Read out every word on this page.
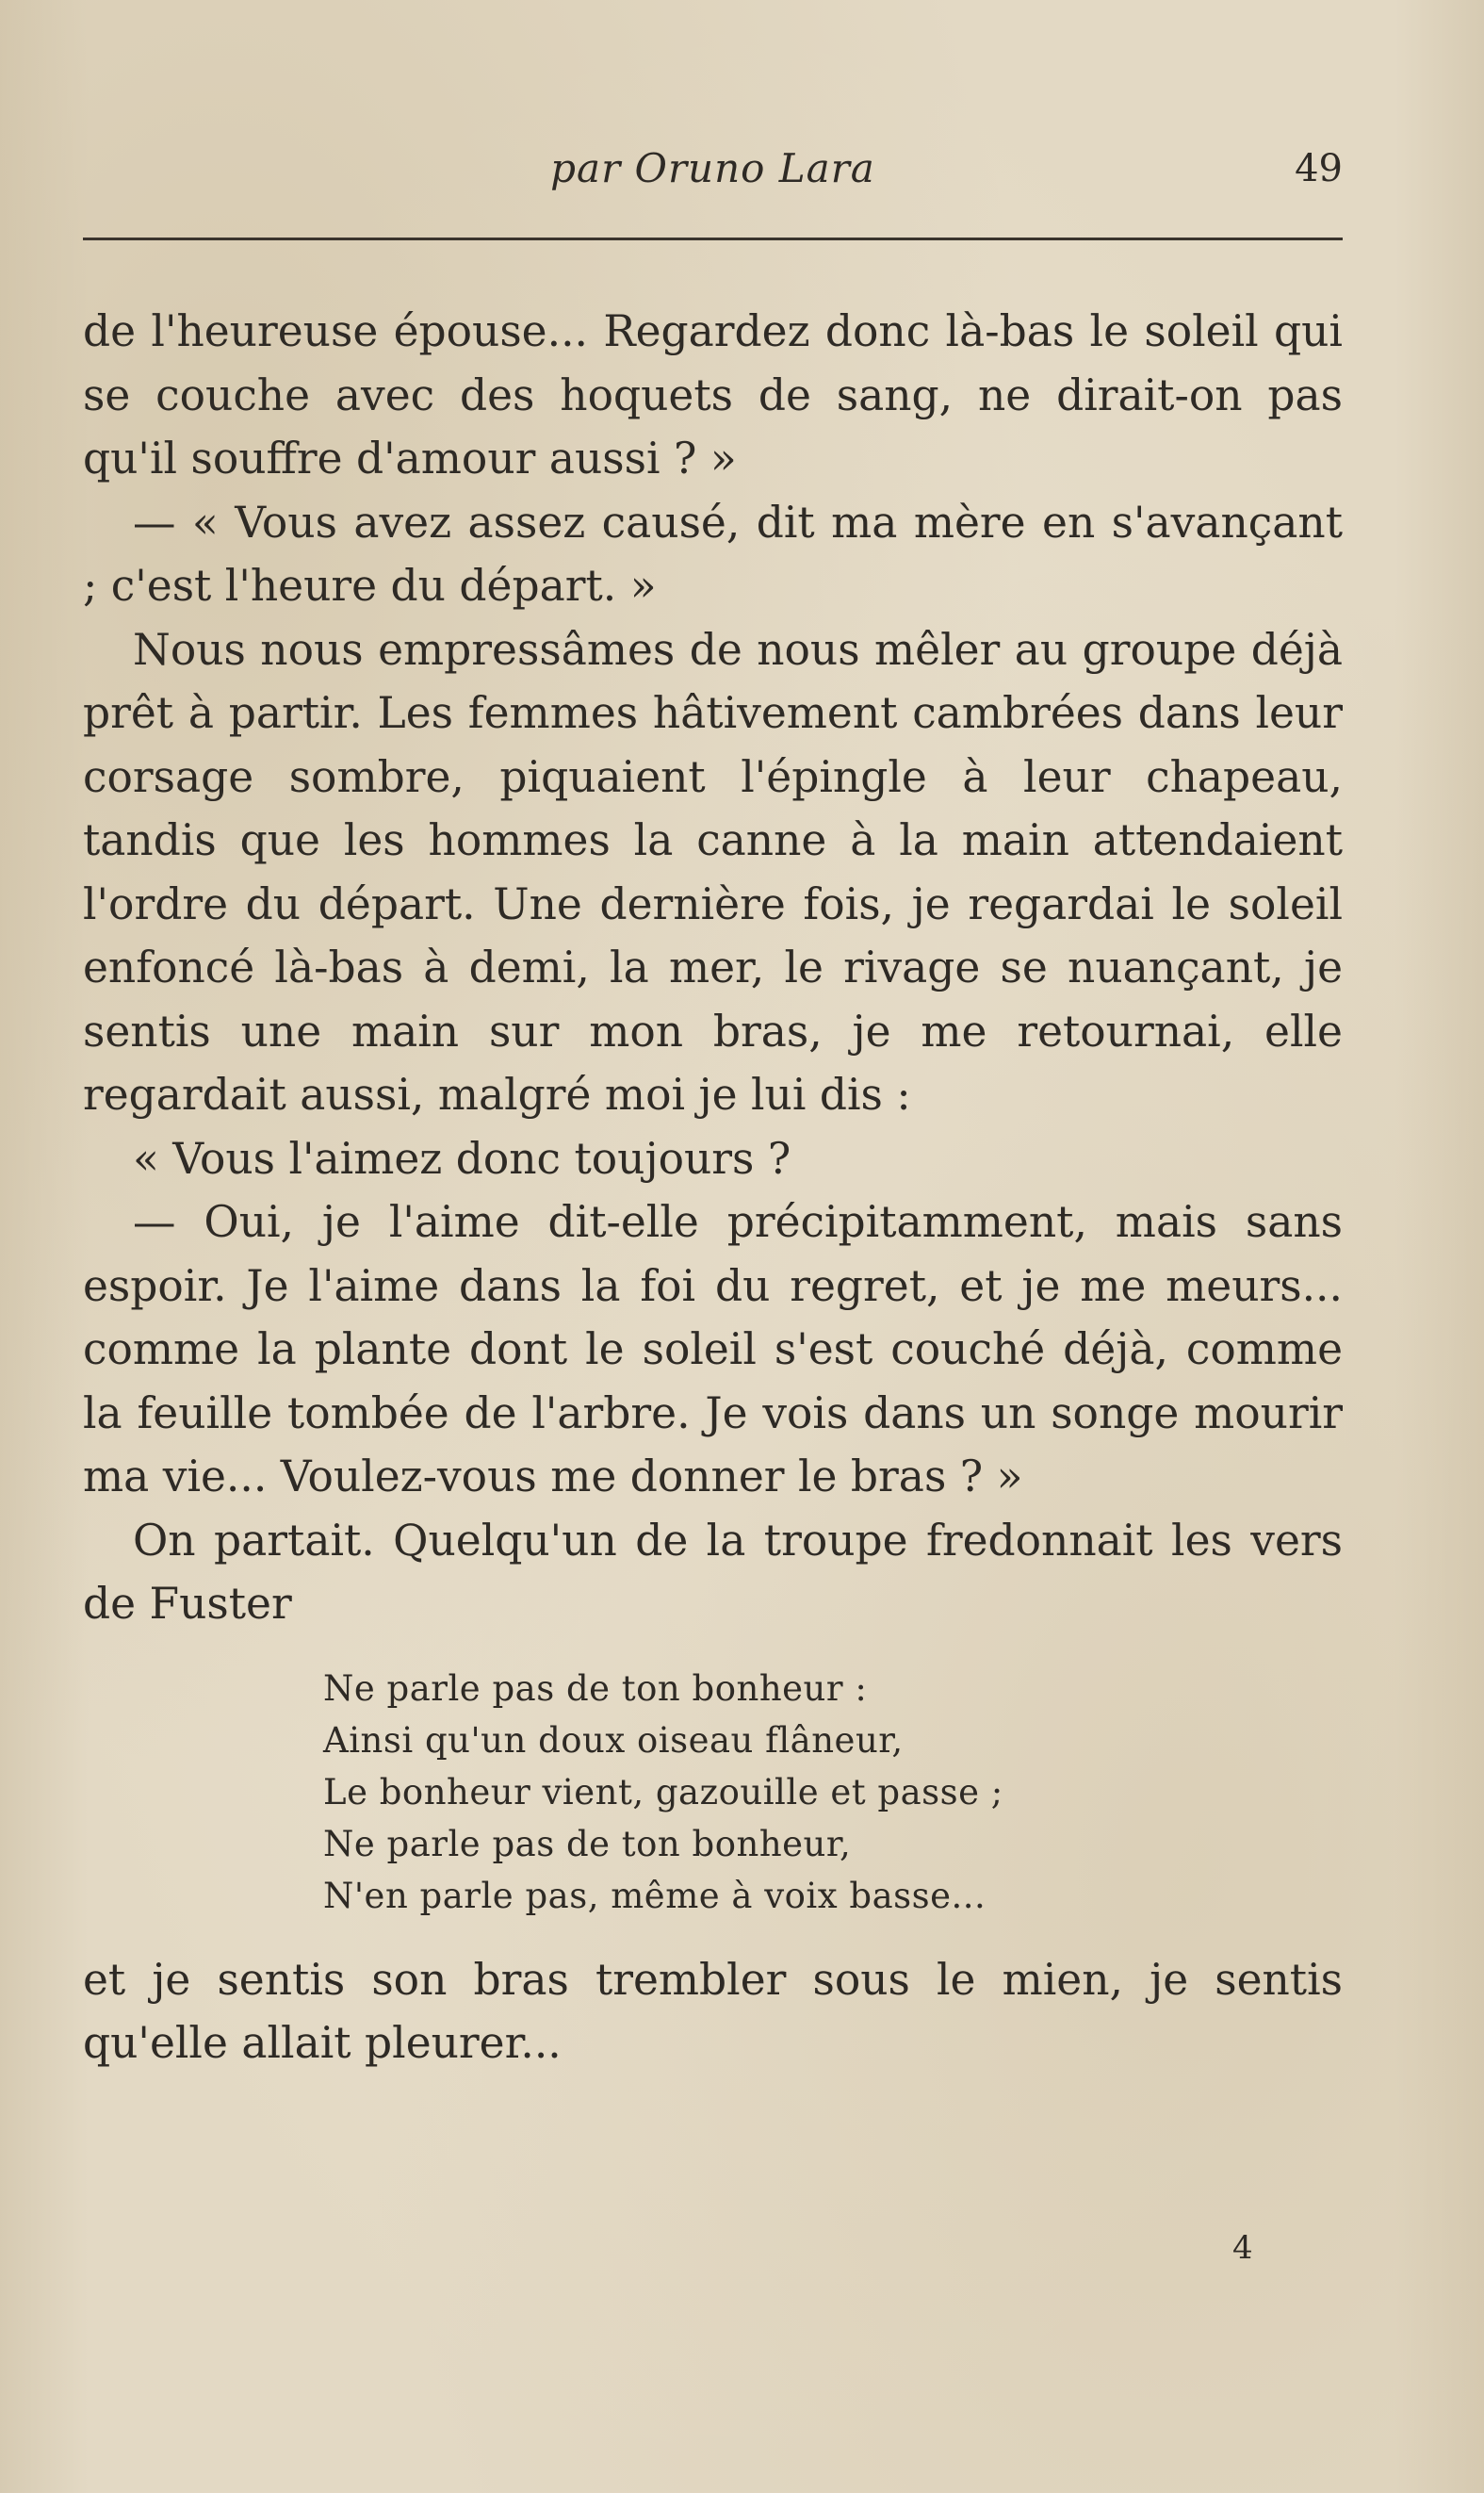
par Oruno Lara	49

de l'heureuse épouse... Regardez donc là-bas le soleil qui se couche avec des hoquets de sang, ne dirait-on pas qu'il souffre d'amour aussi ? »

— « Vous avez assez causé, dit ma mère en s'avançant ; c'est l'heure du départ. »

Nous nous empressâmes de nous mêler au groupe déjà prêt à partir. Les femmes hâtivement cambrées dans leur corsage sombre, piquaient l'épingle à leur chapeau, tandis que les hommes la canne à la main attendaient l'ordre du départ. Une dernière fois, je regardai le soleil enfoncé là-bas à demi, la mer, le rivage se nuançant, je sentis une main sur mon bras, je me retournai, elle regardait aussi, malgré moi je lui dis :

« Vous l'aimez donc toujours ?

— Oui, je l'aime dit-elle précipitamment, mais sans espoir. Je l'aime dans la foi du regret, et je me meurs... comme la plante dont le soleil s'est couché déjà, comme la feuille tombée de l'arbre. Je vois dans un songe mourir ma vie... Voulez-vous me donner le bras ? »

On partait. Quelqu'un de la troupe fredonnait les vers de Fuster

Ne parle pas de ton bonheur :
Ainsi qu'un doux oiseau flâneur,
Le bonheur vient, gazouille et passe ;
Ne parle pas de ton bonheur,
N'en parle pas, même à voix basse...

et je sentis son bras trembler sous le mien, je sentis qu'elle allait pleurer...

4
